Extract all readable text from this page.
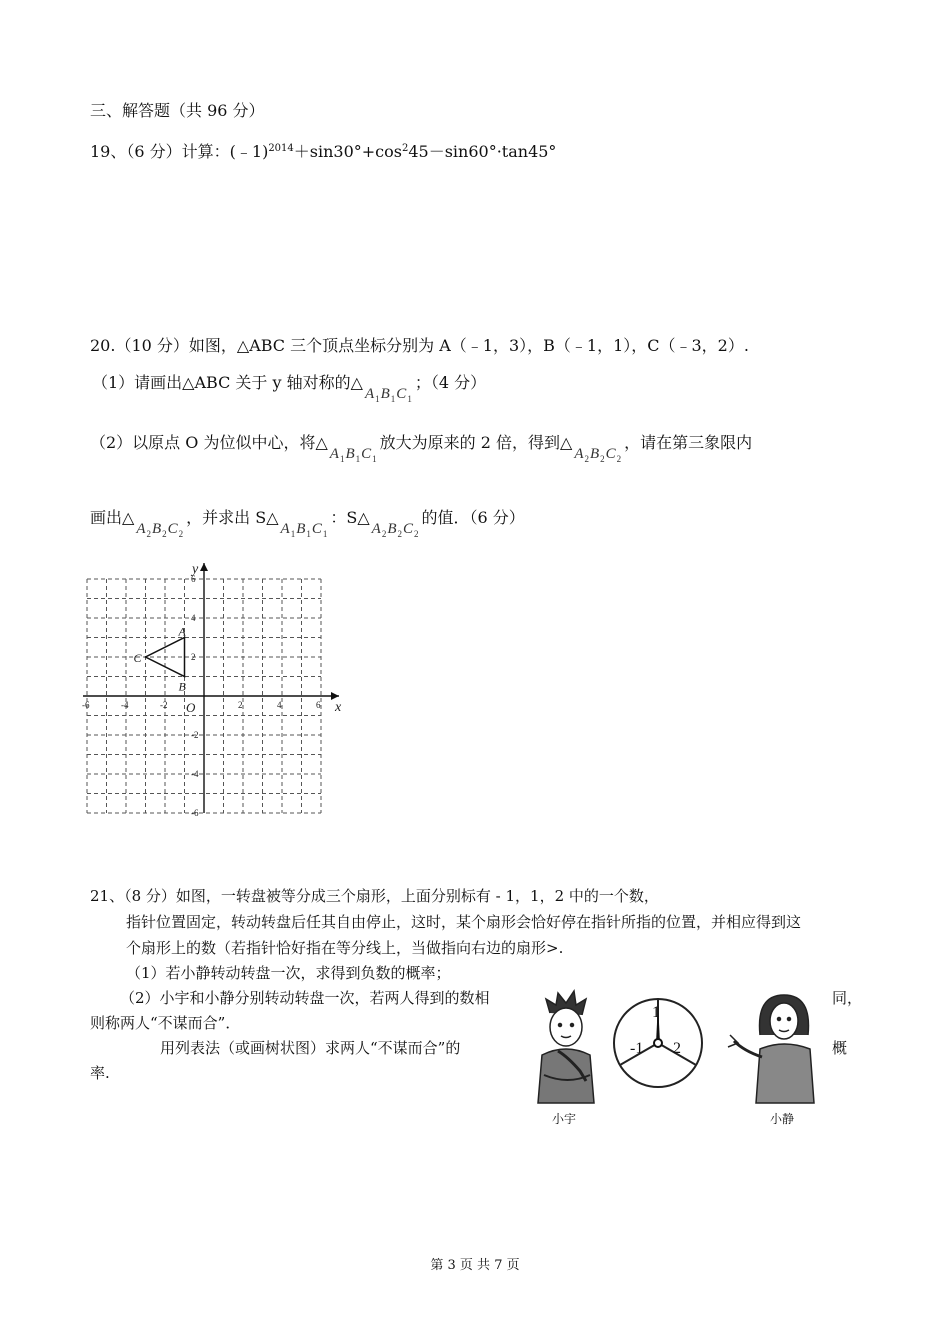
三、解答题（共 96 分）
19、（6 分）计算：$(﹣1)^{2014}+\sin 30^\circ+\cos^245-\sin 60^\circ\cdot\tan 45^\circ$
20.（10 分）如图，△ABC 三个顶点坐标分别为 A（﹣1，3），B（﹣1，1），C（﹣3，2）.
（1）请画出△ABC 关于 y 轴对称的$\triangle A_1B_1C_1$；（4 分）
（2）以原点 O 为位似中心，将$\triangle A_1B_1C_1$放大为原来的 2 倍，得到$\triangle A_2B_2C_2$，请在第三象限内
画出$\triangle A_2B_2C_2$，并求出 $S\triangle A_1B_1C_1$：$S\triangle A_2B_2C_2$的值．（6 分）
-6	-4	-2	2	4	6
6
4
2
-2
-4
-6
O	x
y
A
B
C
21、（8 分）如图，一转盘被等分成三个扇形，上面分别标有 - 1，1，2 中的一个数，
指针位置固定，转动转盘后任其自由停止，这时，某个扇形会恰好停在指针所指的位置，并相应得到这
个扇形上的数（若指针恰好指在等分线上，当做指向右边的扇形>.
（1）若小静转动转盘一次，求得到负数的概率；
（2）小宇和小静分别转动转盘一次，若两人得到的数相	同，
则称两人“不谋而合”．
用列表法（或画树状图）求两人“不谋而合”的	概
率.
1
-1 2
小宇	小静
第 3 页 共 7 页
